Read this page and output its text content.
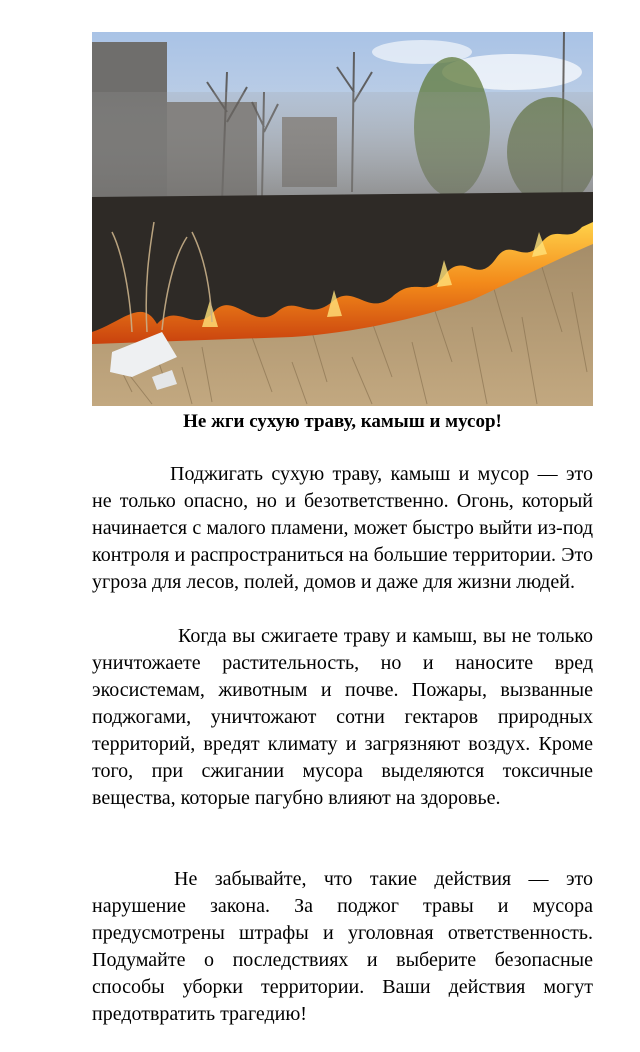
Не жги сухую траву, камыш и мусор!

Поджигать сухую траву, камыш и мусор — это не только опасно, но и безответственно. Огонь, который начинается с малого пламени, может быстро выйти из-под контроля и распространиться на большие территории. Это угроза для лесов, полей, домов и даже для жизни людей.

Когда вы сжигаете траву и камыш, вы не только уничтожаете растительность, но и наносите вред экосистемам, животным и почве. Пожары, вызванные поджогами, уничтожают сотни гектаров природных территорий, вредят климату и загрязняют воздух. Кроме того, при сжигании мусора выделяются токсичные вещества, которые пагубно влияют на здоровье.

Не забывайте, что такие действия — это нарушение закона. За поджог травы и мусора предусмотрены штрафы и уголовная ответственность. Подумайте о последствиях и выберите безопасные способы уборки территории. Ваши действия могут предотвратить трагедию!
